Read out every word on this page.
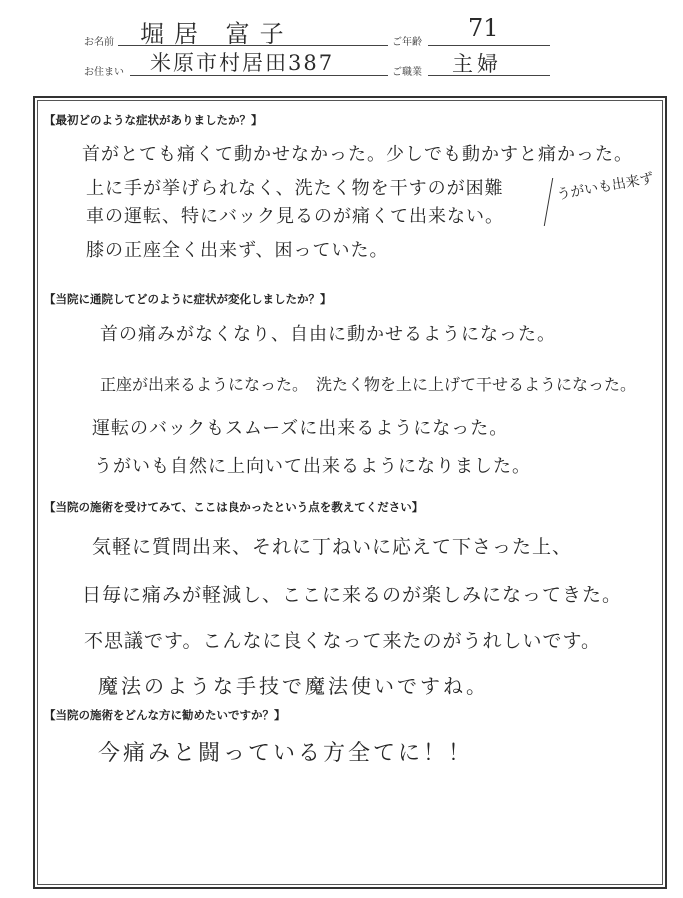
お名前 堀居 富子	ご年齢
71
お住まい 米原市村居田387	ご職業 主婦

【最初どのような症状がありましたか？】

首がとても痛くて動かせなかった。少しでも動かすと痛かった。
上に手が挙げられなく、洗たく物を干すのが困難
車の運転、特にバック見るのが痛くて出来ない。
膝の正座全く出来ず、困っていた。
うがいも出来ず

【当院に通院してどのように症状が変化しましたか？】

首の痛みがなくなり、自由に動かせるようになった。
正座が出来るようになった。　洗たく物を上に上げて干せるようになった。
運転のバックもスムーズに出来るようになった。
うがいも自然に上向いて出来るようになりました。

【当院の施術を受けてみて、ここは良かったという点を教えてください】

気軽に質問出来、それに丁ねいに応えて下さった上、
日毎に痛みが軽減し、ここに来るのが楽しみになってきた。
不思議です。こんなに良くなって来たのがうれしいです。
魔法のような手技で魔法使いですね。

【当院の施術をどんな方に勧めたいですか？】

今痛みと闘っている方全てに！！
